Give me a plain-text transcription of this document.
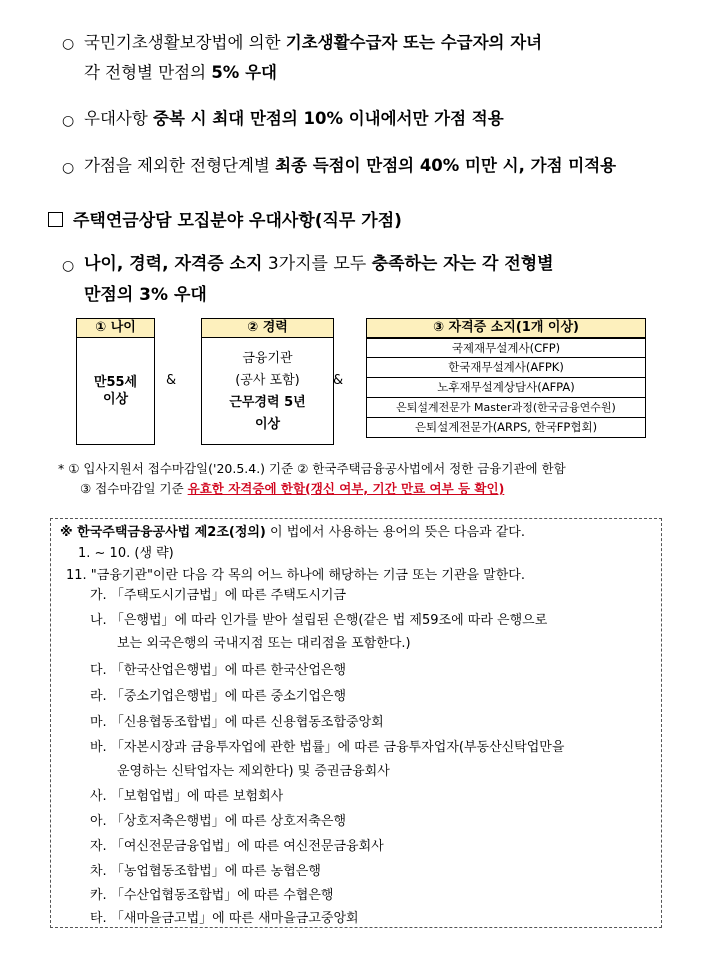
○ 국민기초생활보장법에 의한 기초생활수급자 또는 수급자의 자녀
각 전형별 만점의 5% 우대
○ 우대사항 중복 시 최대 만점의 10% 이내에서만 가점 적용
○ 가점을 제외한 전형단계별 최종 득점이 만점의 40% 미만 시, 가점 미적용
주택연금상담 모집분야 우대사항(직무 가점)
○ 나이, 경력, 자격증 소지 3가지를 모두 충족하는 자는 각 전형별
만점의 3% 우대
① 나이
만55세
이상
&
② 경력
금융기관
(공사 포함)
근무경력 5년
이상
&
③ 자격증 소지(1개 이상)
국제재무설계사(CFP)
한국재무설계사(AFPK)
노후재무설계상담사(AFPA)
은퇴설계전문가 Master과정(한국금융연수원)
은퇴설계전문가(ARPS, 한국FP협회)
* ① 입사지원서 접수마감일('20.5.4.) 기준 ② 한국주택금융공사법에서 정한 금융기관에 한함
③ 접수마감일 기준 유효한 자격증에 한함(갱신 여부, 기간 만료 여부 등 확인)
※ 한국주택금융공사법 제2조(정의) 이 법에서 사용하는 용어의 뜻은 다음과 같다.
1. ~ 10. (생 략)
11. "금융기관"이란 다음 각 목의 어느 하나에 해당하는 기금 또는 기관을 말한다.
가. 「주택도시기금법」에 따른 주택도시기금
나. 「은행법」에 따라 인가를 받아 설립된 은행(같은 법 제59조에 따라 은행으로
보는 외국은행의 국내지점 또는 대리점을 포함한다.)
다. 「한국산업은행법」에 따른 한국산업은행
라. 「중소기업은행법」에 따른 중소기업은행
마. 「신용협동조합법」에 따른 신용협동조합중앙회
바. 「자본시장과 금융투자업에 관한 법률」에 따른 금융투자업자(부동산신탁업만을
운영하는 신탁업자는 제외한다) 및 증권금융회사
사. 「보험업법」에 따른 보험회사
아. 「상호저축은행법」에 따른 상호저축은행
자. 「여신전문금융업법」에 따른 여신전문금융회사
차. 「농업협동조합법」에 따른 농협은행
카. 「수산업협동조합법」에 따른 수협은행
타. 「새마을금고법」에 따른 새마을금고중앙회
